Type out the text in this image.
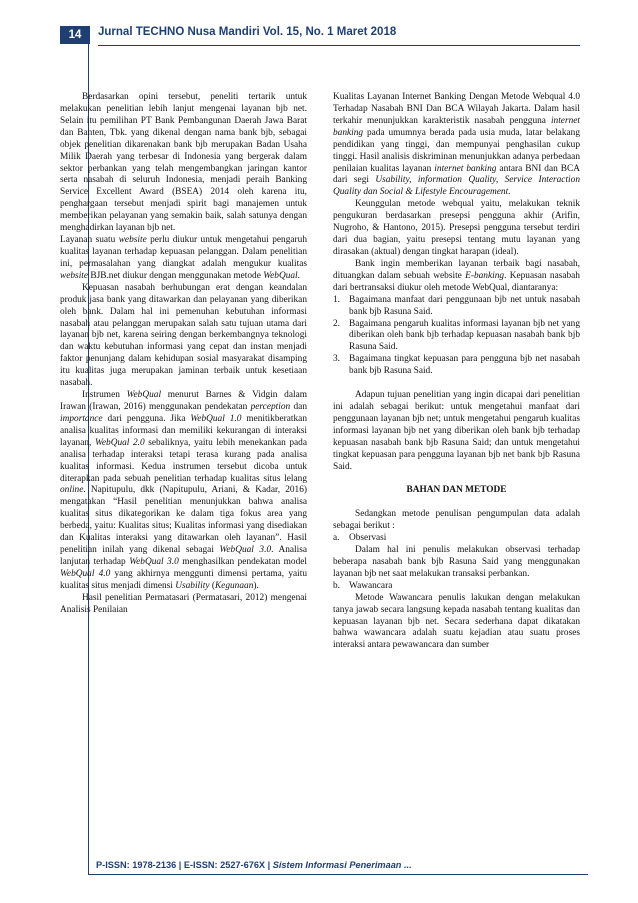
14	Jurnal TECHNO Nusa Mandiri Vol. 15, No. 1 Maret 2018

Berdasarkan opini tersebut, peneliti tertarik untuk melakukan penelitian lebih lanjut mengenai layanan bjb net. Selain itu pemilihan PT Bank Pembangunan Daerah Jawa Barat dan Banten, Tbk. yang dikenal dengan nama bank bjb, sebagai objek penelitian dikarenakan bank bjb merupakan Badan Usaha Milik Daerah yang terbesar di Indonesia yang bergerak dalam sektor perbankan yang telah mengembangkan jaringan kantor serta nasabah di seluruh Indonesia, menjadi peraih Banking Service Excellent Award (BSEA) 2014 oleh karena itu, penghargaan tersebut menjadi spirit bagi manajemen untuk memberikan pelayanan yang semakin baik, salah satunya dengan menghadirkan layanan bjb net.

Layanan suatu website perlu diukur untuk mengetahui pengaruh kualitas layanan terhadap kepuasan pelanggan. Dalam penelitian ini, permasalahan yang diangkat adalah mengukur kualitas website BJB.net diukur dengan menggunakan metode WebQual.

Kepuasan nasabah berhubungan erat dengan keandalan produk jasa bank yang ditawarkan dan pelayanan yang diberikan oleh bank. Dalam hal ini pemenuhan kebutuhan informasi nasabah atau pelanggan merupakan salah satu tujuan utama dari layanan bjb net, karena seiring dengan berkembangnya teknologi dan waktu kebutuhan informasi yang cepat dan instan menjadi faktor penunjang dalam kehidupan sosial masyarakat disamping itu kualitas juga merupakan jaminan terbaik untuk kesetiaan nasabah.

Instrumen WebQual menurut Barnes & Vidgin dalam Irawan (Irawan, 2016) menggunakan pendekatan perception dan importance dari pengguna. Jika WebQual 1.0 menitikberatkan analisa kualitas informasi dan memiliki kekurangan di interaksi layanan, WebQual 2.0 sebaliknya, yaitu lebih menekankan pada analisa terhadap interaksi tetapi terasa kurang pada analisa kualitas informasi. Kedua instrumen tersebut dicoba untuk diterapkan pada sebuah penelitian terhadap kualitas situs lelang online. Napitupulu, dkk (Napitupulu, Ariani, & Kadar, 2016) mengatakan “Hasil penelitian menunjukkan bahwa analisa kualitas situs dikategorikan ke dalam tiga fokus area yang berbeda, yaitu: Kualitas situs; Kualitas informasi yang disediakan dan Kualitas interaksi yang ditawarkan oleh layanan”. Hasil penelitian inilah yang dikenal sebagai WebQual 3.0. Analisa lanjutan terhadap WebQual 3.0 menghasilkan pendekatan model WebQual 4.0 yang akhirnya menggunti dimensi pertama, yaitu kualitas situs menjadi dimensi Usability (Kegunaan).

Hasil penelitian Permatasari (Permatasari, 2012) mengenai Analisis Penilaian

Kualitas Layanan Internet Banking Dengan Metode Webqual 4.0 Terhadap Nasabah BNI Dan BCA Wilayah Jakarta. Dalam hasil terkahir menunjukkan karakteristik nasabah pengguna internet banking pada umumnya berada pada usia muda, latar belakang pendidikan yang tinggi, dan mempunyai penghasilan cukup tinggi. Hasil analisis diskriminan menunjukkan adanya perbedaan penilaian kualitas layanan internet banking antara BNI dan BCA dari segi Usability, information Quality, Service Interaction Quality dan Social & Lifestyle Encouragement.

Keunggulan metode webqual yaitu, melakukan teknik pengukuran berdasarkan presepsi pengguna akhir (Arifin, Nugroho, & Hantono, 2015). Presepsi pengguna tersebut terdiri dari dua bagian, yaitu presepsi tentang mutu layanan yang dirasakan (aktual) dengan tingkat harapan (ideal).

Bank ingin memberikan layanan terbaik bagi nasabah, dituangkan dalam sebuah website E-banking. Kepuasan nasabah dari bertransaksi diukur oleh metode WebQual, diantaranya:

1. Bagaimana manfaat dari penggunaan bjb net untuk nasabah bank bjb Rasuna Said.
2. Bagaimana pengaruh kualitas informasi layanan bjb net yang diberikan oleh bank bjb terhadap kepuasan nasabah bank bjb Rasuna Said.
3. Bagaimana tingkat kepuasan para pengguna bjb net nasabah bank bjb Rasuna Said.

Adapun tujuan penelitian yang ingin dicapai dari penelitian ini adalah sebagai berikut: untuk mengetahui manfaat dari penggunaan layanan bjb net; untuk mengetahui pengaruh kualitas informasi layanan bjb net yang diberikan oleh bank bjb terhadap kepuasan nasabah bank bjb Rasuna Said; dan untuk mengetahui tingkat kepuasan para pengguna layanan bjb net bank bjb Rasuna Said.

BAHAN DAN METODE

Sedangkan metode penulisan pengumpulan data adalah sebagai berikut :

a.	Observasi

Dalam hal ini penulis melakukan observasi terhadap beberapa nasabah bank bjb Rasuna Said yang menggunakan layanan bjb net saat melakukan transaksi perbankan.

b. Wawancara

Metode Wawancara penulis lakukan dengan melakukan tanya jawab secara langsung kepada nasabah tentang kualitas dan kepuasan layanan bjb net. Secara sederhana dapat dikatakan bahwa wawancara adalah suatu kejadian atau suatu proses interaksi antara pewawancara dan sumber

P-ISSN: 1978-2136 | E-ISSN: 2527-676X | Sistem Informasi Penerimaan ...
